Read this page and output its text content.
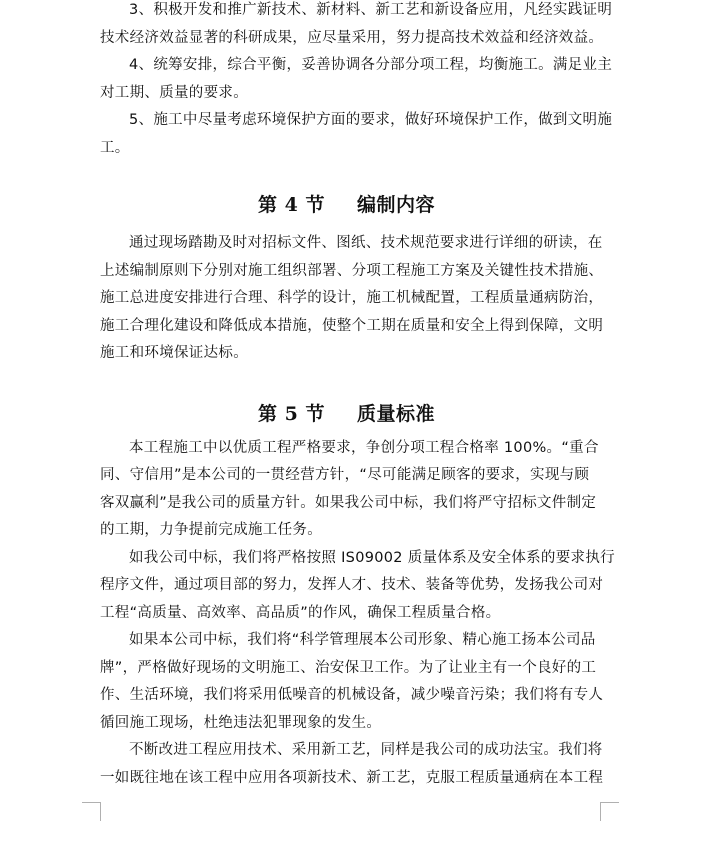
3、积极开发和推广新技术、新材料、新工艺和新设备应用，凡经实践证明
技术经济效益显著的科研成果，应尽量采用，努力提高技术效益和经济效益。
4、统筹安排，综合平衡，妥善协调各分部分项工程，均衡施工。满足业主
对工期、质量的要求。
5、施工中尽量考虑环境保护方面的要求，做好环境保护工作，做到文明施
工。
第 4 节 编制内容
通过现场踏勘及时对招标文件、图纸、技术规范要求进行详细的研读，在
上述编制原则下分别对施工组织部署、分项工程施工方案及关键性技术措施、
施工总进度安排进行合理、科学的设计，施工机械配置，工程质量通病防治，
施工合理化建设和降低成本措施，使整个工期在质量和安全上得到保障，文明
施工和环境保证达标。
第 5 节 质量标准
本工程施工中以优质工程严格要求，争创分项工程合格率 100%。“重合
同、守信用”是本公司的一贯经营方针，“尽可能满足顾客的要求，实现与顾
客双赢利”是我公司的质量方针。如果我公司中标，我们将严守招标文件制定
的工期，力争提前完成施工任务。
如我公司中标，我们将严格按照 IS09002 质量体系及安全体系的要求执行
程序文件，通过项目部的努力，发挥人才、技术、装备等优势，发扬我公司对
工程“高质量、高效率、高品质”的作风，确保工程质量合格。
如果本公司中标，我们将“科学管理展本公司形象、精心施工扬本公司品
牌”，严格做好现场的文明施工、治安保卫工作。为了让业主有一个良好的工
作、生活环境，我们将采用低噪音的机械设备，减少噪音污染；我们将有专人
循回施工现场，杜绝违法犯罪现象的发生。
不断改进工程应用技术、采用新工艺，同样是我公司的成功法宝。我们将
一如既往地在该工程中应用各项新技术、新工艺，克服工程质量通病在本工程
